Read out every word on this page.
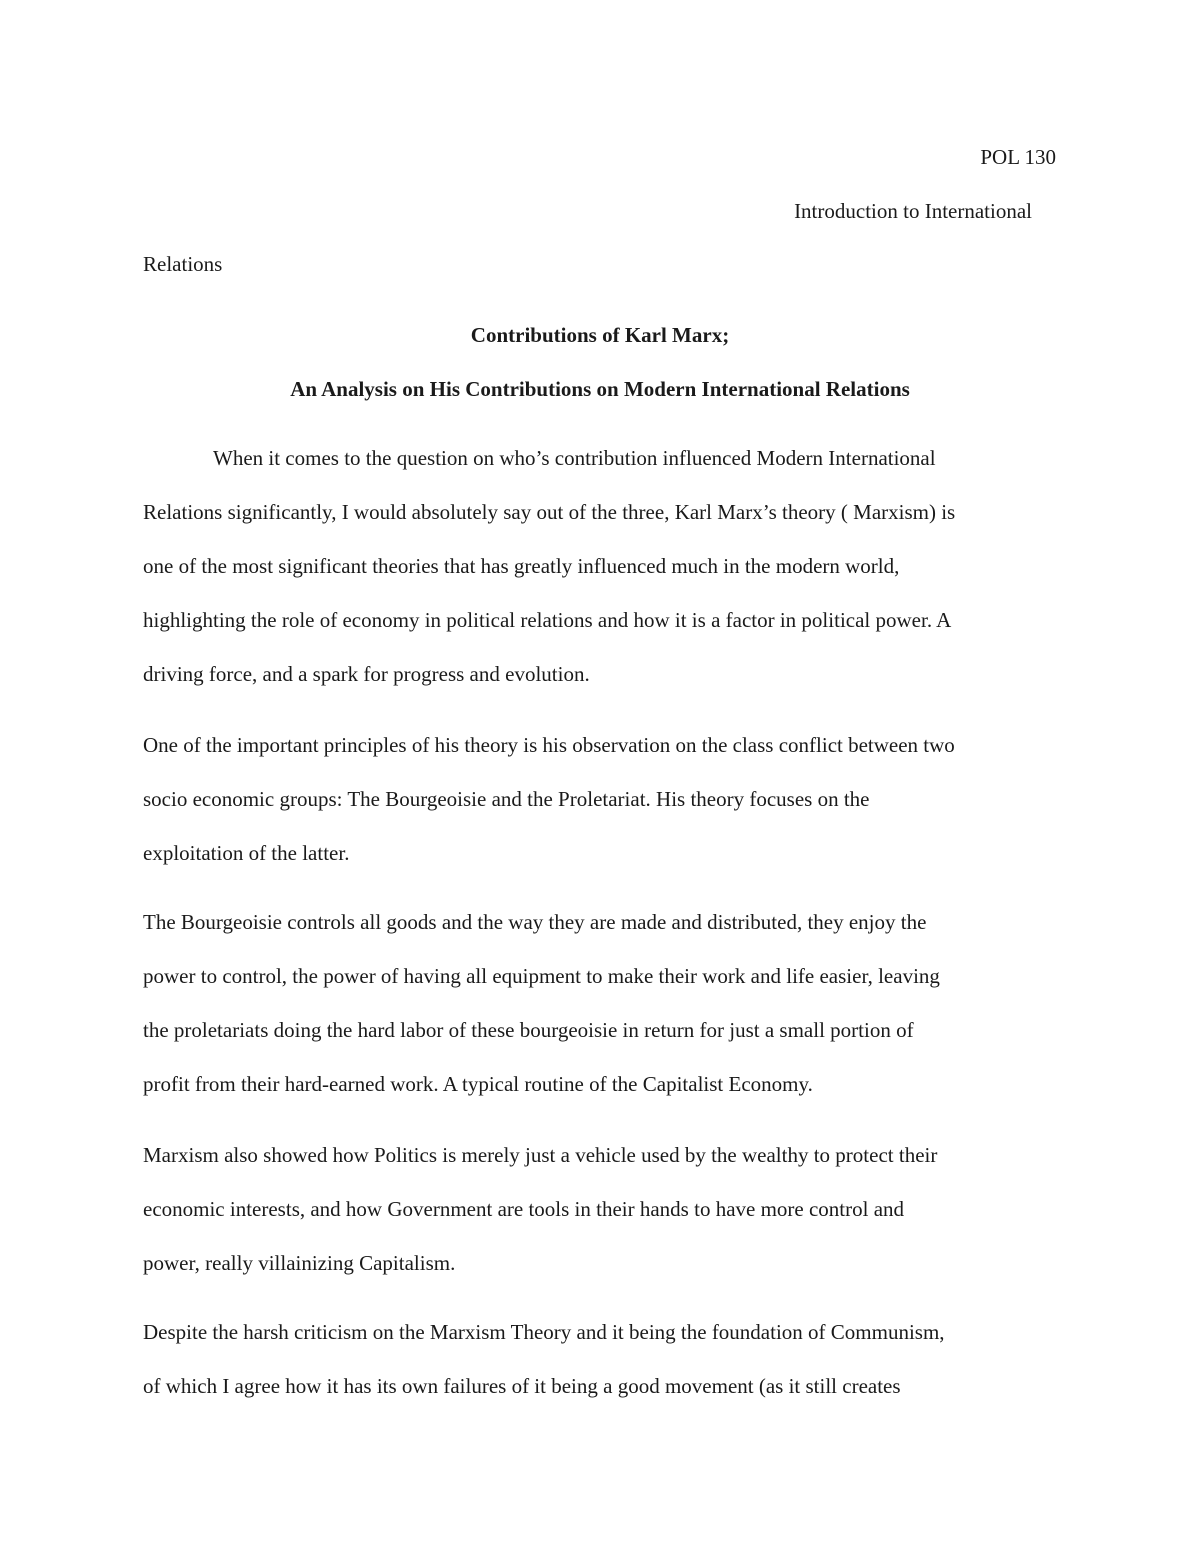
POL 130
Introduction to International
Relations
Contributions of Karl Marx;
An Analysis on His Contributions on Modern International Relations

When it comes to the question on who’s contribution influenced Modern International

Relations significantly, I would absolutely say out of the three, Karl Marx’s theory ( Marxism) is

one of the most significant theories that has greatly influenced much in the modern world,

highlighting the role of economy in political relations and how it is a factor in political power. A

driving force, and a spark for progress and evolution.

One of the important principles of his theory is his observation on the class conflict between two

socio economic groups: The Bourgeoisie and the Proletariat. His theory focuses on the

exploitation of the latter.

The Bourgeoisie controls all goods and the way they are made and distributed, they enjoy the

power to control, the power of having all equipment to make their work and life easier, leaving

the proletariats doing the hard labor of these bourgeoisie in return for just a small portion of

profit from their hard-earned work. A typical routine of the Capitalist Economy.

Marxism also showed how Politics is merely just a vehicle used by the wealthy to protect their

economic interests, and how Government are tools in their hands to have more control and

power, really villainizing Capitalism.

Despite the harsh criticism on the Marxism Theory and it being the foundation of Communism,

of which I agree how it has its own failures of it being a good movement (as it still creates
